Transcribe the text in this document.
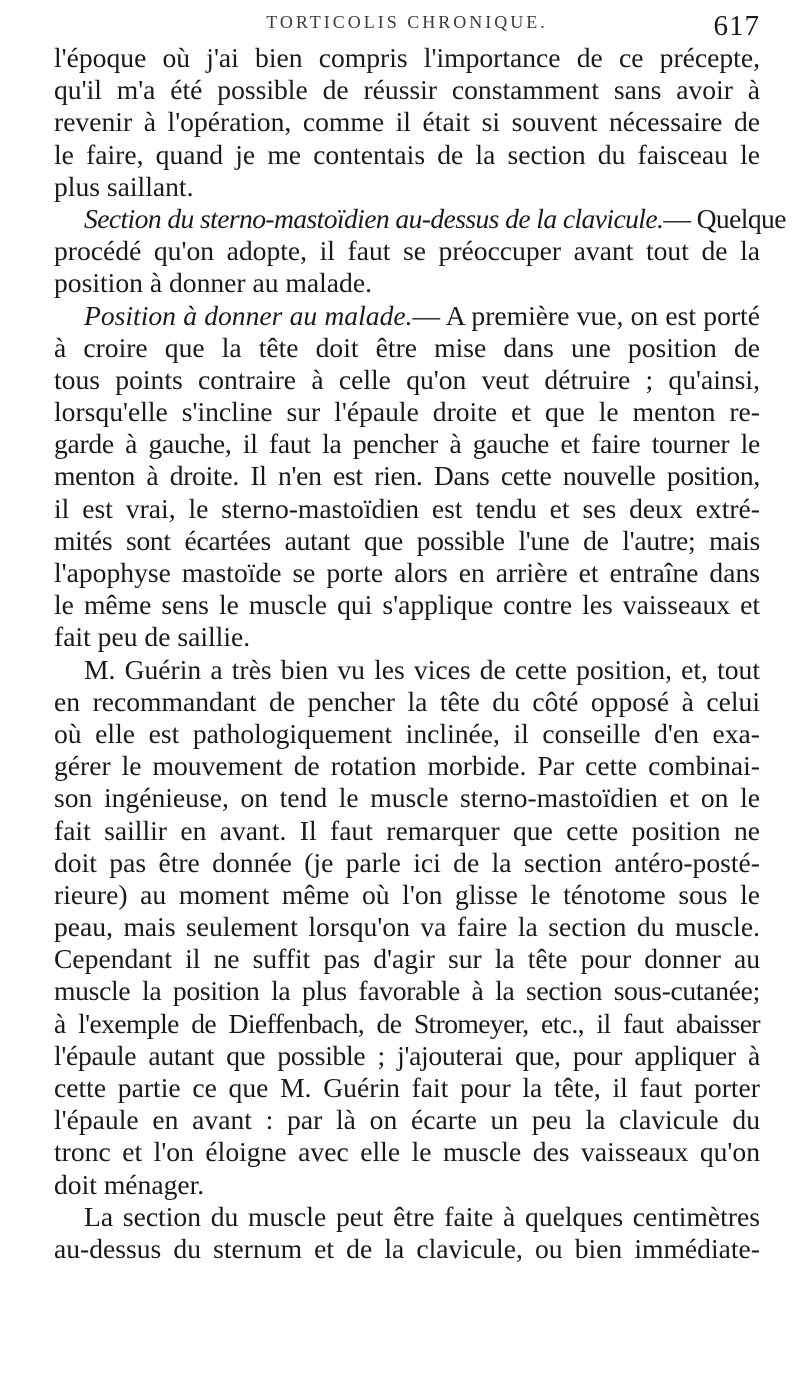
TORTICOLIS CHRONIQUE.	617
l'époque où j'ai bien compris l'importance de ce précepte,
qu'il m'a été possible de réussir constamment sans avoir à
revenir à l'opération, comme il était si souvent nécessaire de
le faire, quand je me contentais de la section du faisceau le
plus saillant.
Section du sterno-mastoïdien au-dessus de la clavicule.— Quelque
procédé qu'on adopte, il faut se préoccuper avant tout de la
position à donner au malade.
Position à donner au malade.— A première vue, on est porté
à croire que la tête doit être mise dans une position de
tous points contraire à celle qu'on veut détruire ; qu'ainsi,
lorsqu'elle s'incline sur l'épaule droite et que le menton re-
garde à gauche, il faut la pencher à gauche et faire tourner le
menton à droite. Il n'en est rien. Dans cette nouvelle position,
il est vrai, le sterno-mastoïdien est tendu et ses deux extré-
mités sont écartées autant que possible l'une de l'autre; mais
l'apophyse mastoïde se porte alors en arrière et entraîne dans
le même sens le muscle qui s'applique contre les vaisseaux et
fait peu de saillie.
M. Guérin a très bien vu les vices de cette position, et, tout
en recommandant de pencher la tête du côté opposé à celui
où elle est pathologiquement inclinée, il conseille d'en exa-
gérer le mouvement de rotation morbide. Par cette combinai-
son ingénieuse, on tend le muscle sterno-mastoïdien et on le
fait saillir en avant. Il faut remarquer que cette position ne
doit pas être donnée (je parle ici de la section antéro-posté-
rieure) au moment même où l'on glisse le ténotome sous le
peau, mais seulement lorsqu'on va faire la section du muscle.
Cependant il ne suffit pas d'agir sur la tête pour donner au
muscle la position la plus favorable à la section sous-cutanée;
à l'exemple de Dieffenbach, de Stromeyer, etc., il faut abaisser
l'épaule autant que possible ; j'ajouterai que, pour appliquer à
cette partie ce que M. Guérin fait pour la tête, il faut porter
l'épaule en avant : par là on écarte un peu la clavicule du
tronc et l'on éloigne avec elle le muscle des vaisseaux qu'on
doit ménager.
La section du muscle peut être faite à quelques centimètres
au-dessus du sternum et de la clavicule, ou bien immédiate-
